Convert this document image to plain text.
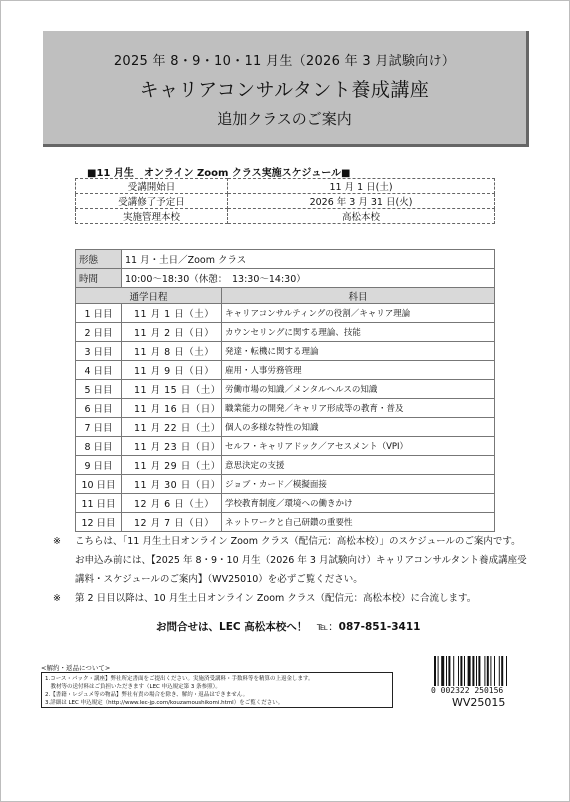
2025 年 8・9・10・11 月生（2026 年 3 月試験向け）
キャリアコンサルタント養成講座
追加クラスのご案内
■11 月生　オンライン Zoom クラス実施スケジュール■
受講開始日	11 月 1 日(土)
受講修了予定日	2026 年 3 月 31 日(火)
実施管理本校	高松本校
形態	11 月・土日／Zoom クラス	
時間	10:00～18:30（休憩：　13:30～14:30）	
通学日程		科目
1 日目	11 月 1 日（土）	キャリアコンサルティングの役割／キャリア理論
2 日目	11 月 2 日（日）	カウンセリングに関する理論、技能
3 日目	11 月 8 日（土）	発達・転機に関する理論
4 日目	11 月 9 日（日）	雇用・人事労務管理
5 日目	11 月 15 日（土）	労働市場の知識／メンタルヘルスの知識
6 日目	11 月 16 日（日）	職業能力の開発／キャリア形成等の教育・普及
7 日目	11 月 22 日（土）	個人の多様な特性の知識
8 日目	11 月 23 日（日）	セルフ・キャリアドック／アセスメント（VPI）
9 日目	11 月 29 日（土）	意思決定の支援
10 日目	11 月 30 日（日）	ジョブ・カード／模擬面接
11 日目	12 月 6 日（土）	学校教育制度／環境への働きかけ
12 日目	12 月 7 日（日）	ネットワークと自己研鑽の重要性
※	こちらは、「11 月生土日オンライン Zoom クラス（配信元：高松本校）」のスケジュールのご案内です。
お申込み前には、【2025 年 8・9・10 月生（2026 年 3 月試験向け）キャリアコンサルタント養成講座受
講料・スケジュールのご案内】（WV25010）を必ずご覧ください。
※	第 2 日目以降は、10 月生土日オンライン Zoom クラス（配信元：高松本校）に合流します。
お問合せは、LEC 高松本校へ！ ℡：087-851-3411
<解約・返品について>
1.コース・パック・講座】弊社所定書面をご提出ください。実施済受講料・手数料等を精算の上返金します。
　教材等の送付料はご負担いただきます（LEC 申込規定第 3 条参照）。
2.【書籍・レジュメ等の物品】弊社有責の場合を除き、解約・返品はできません。
3.詳細は LEC 申込規定（http://www.lec-jp.com/kouzamoushikomi.html）をご覧ください。
0 002322 250156
WV25015
